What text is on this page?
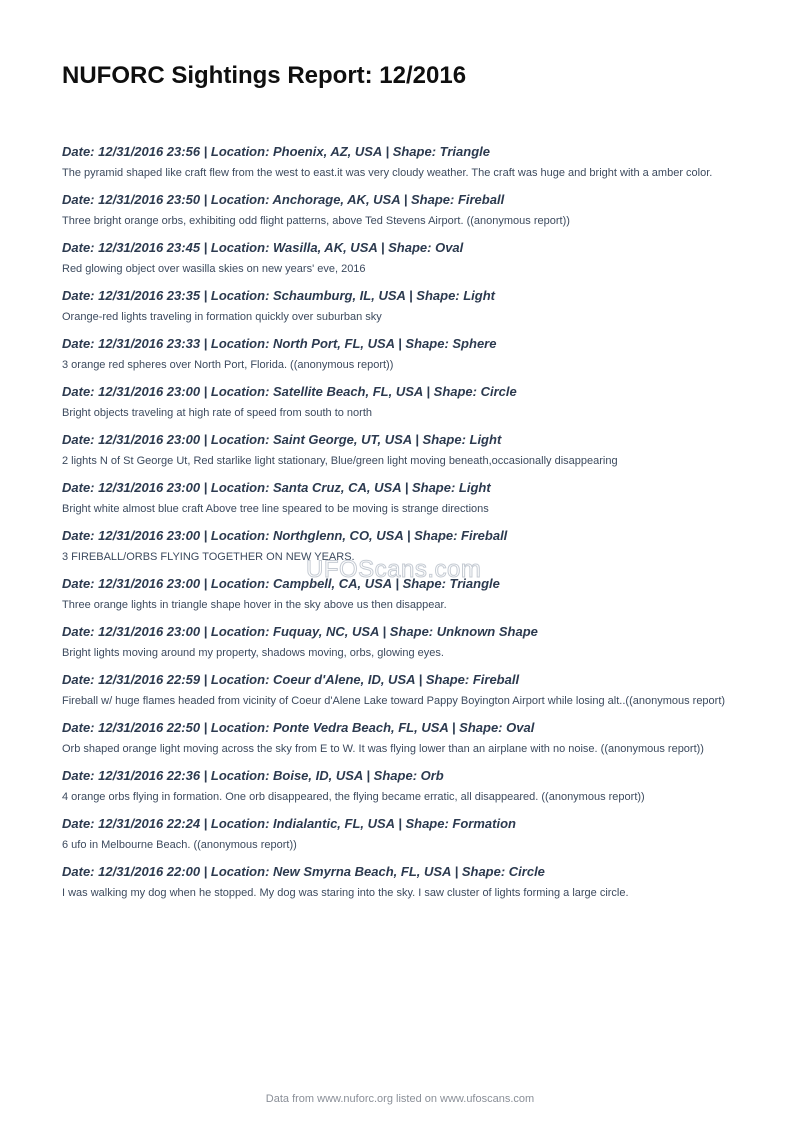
NUFORC Sightings Report: 12/2016
Date: 12/31/2016 23:56 | Location: Phoenix, AZ, USA | Shape: Triangle

The pyramid shaped like craft flew from the west to east.it was very cloudy weather. The craft was huge and bright with a amber color.

Date: 12/31/2016 23:50 | Location: Anchorage, AK, USA | Shape: Fireball

Three bright orange orbs, exhibiting odd flight patterns, above Ted Stevens Airport. ((anonymous report))

Date: 12/31/2016 23:45 | Location: Wasilla, AK, USA | Shape: Oval

Red glowing object over wasilla skies on new years' eve, 2016

Date: 12/31/2016 23:35 | Location: Schaumburg, IL, USA | Shape: Light

Orange-red lights traveling in formation quickly over suburban sky

Date: 12/31/2016 23:33 | Location: North Port, FL, USA | Shape: Sphere

3 orange red spheres over North Port, Florida. ((anonymous report))

Date: 12/31/2016 23:00 | Location: Satellite Beach, FL, USA | Shape: Circle

Bright objects traveling at high rate of speed from south to north

Date: 12/31/2016 23:00 | Location: Saint George, UT, USA | Shape: Light

2 lights N of St George Ut, Red starlike light stationary, Blue/green light moving beneath,occasionally disappearing

Date: 12/31/2016 23:00 | Location: Santa Cruz, CA, USA | Shape: Light

Bright white almost blue craft Above tree line speared to be moving is strange directions

Date: 12/31/2016 23:00 | Location: Northglenn, CO, USA | Shape: Fireball

3 FIREBALL/ORBS FLYING TOGETHER ON NEW YEARS.

Date: 12/31/2016 23:00 | Location: Campbell, CA, USA | Shape: Triangle

Three orange lights in triangle shape hover in the sky above us then disappear.

Date: 12/31/2016 23:00 | Location: Fuquay, NC, USA | Shape: Unknown Shape

Bright lights moving around my property, shadows moving, orbs, glowing eyes.

Date: 12/31/2016 22:59 | Location: Coeur d'Alene, ID, USA | Shape: Fireball

Fireball w/ huge flames headed from vicinity of Coeur d'Alene Lake toward Pappy Boyington Airport while losing alt..((anonymous report)

Date: 12/31/2016 22:50 | Location: Ponte Vedra Beach, FL, USA | Shape: Oval

Orb shaped orange light moving across the sky from E to W. It was flying lower than an airplane with no noise. ((anonymous report))

Date: 12/31/2016 22:36 | Location: Boise, ID, USA | Shape: Orb

4 orange orbs flying in formation. One orb disappeared, the flying became erratic, all disappeared. ((anonymous report))

Date: 12/31/2016 22:24 | Location: Indialantic, FL, USA | Shape: Formation

6 ufo in Melbourne Beach. ((anonymous report))

Date: 12/31/2016 22:00 | Location: New Smyrna Beach, FL, USA | Shape: Circle

I was walking my dog when he stopped. My dog was staring into the sky. I saw cluster of lights forming a large circle.

UFOScans.com
Data from www.nuforc.org listed on www.ufoscans.com
